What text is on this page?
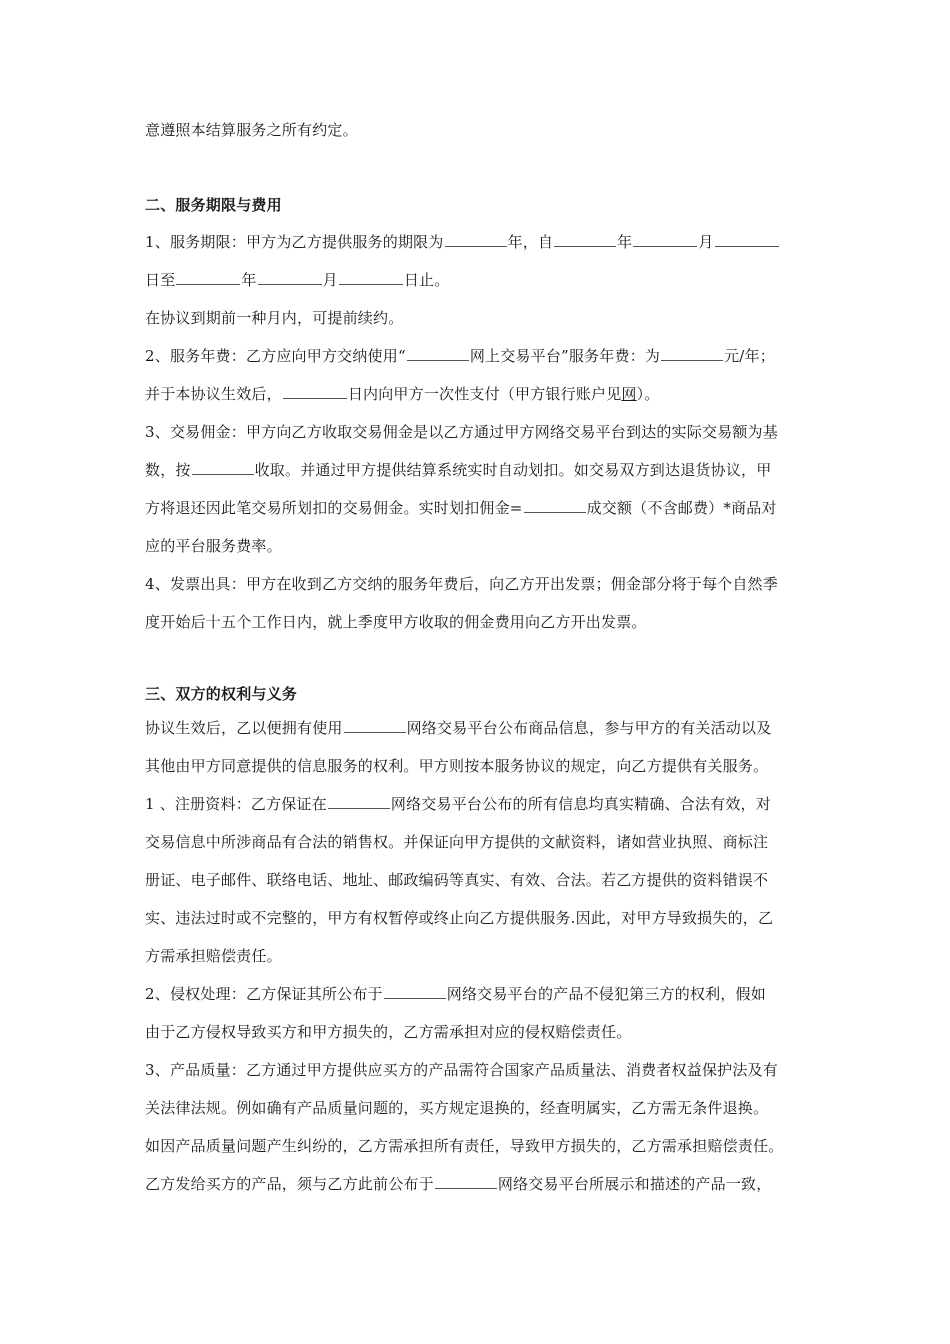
意遵照本结算服务之所有约定。
二、服务期限与费用
1、服务期限：甲方为乙方提供服务的期限为	年，自	年	月
日至	年	月	日止。
在协议到期前一种月内，可提前续约。
2、服务年费：乙方应向甲方交纳使用“	网上交易平台”服务年费：为	元/年；
并于本协议生效后，	日内向甲方一次性支付（甲方银行账户见网）。
3、交易佣金：甲方向乙方收取交易佣金是以乙方通过甲方网络交易平台到达的实际交易额为基
数，按	收取。并通过甲方提供结算系统实时自动划扣。如交易双方到达退货协议，甲
方将退还因此笔交易所划扣的交易佣金。实时划扣佣金=	成交额（不含邮费）*商品对
应的平台服务费率。
4、发票出具：甲方在收到乙方交纳的服务年费后，向乙方开出发票；佣金部分将于每个自然季
度开始后十五个工作日内，就上季度甲方收取的佣金费用向乙方开出发票。
三、双方的权利与义务
协议生效后，乙以便拥有使用	网络交易平台公布商品信息，参与甲方的有关活动以及
其他由甲方同意提供的信息服务的权利。甲方则按本服务协议的规定，向乙方提供有关服务。
1 、注册资料：乙方保证在	网络交易平台公布的所有信息均真实精确、合法有效，对
交易信息中所涉商品有合法的销售权。并保证向甲方提供的文献资料，诸如营业执照、商标注
册证、电子邮件、联络电话、地址、邮政编码等真实、有效、合法。若乙方提供的资料错误不
实、违法过时或不完整的，甲方有权暂停或终止向乙方提供服务.因此，对甲方导致损失的，乙
方需承担赔偿责任。
2、侵权处理：乙方保证其所公布于	网络交易平台的产品不侵犯第三方的权利，假如
由于乙方侵权导致买方和甲方损失的，乙方需承担对应的侵权赔偿责任。
3、产品质量：乙方通过甲方提供应买方的产品需符合国家产品质量法、消费者权益保护法及有
关法律法规。例如确有产品质量问题的，买方规定退换的，经查明属实，乙方需无条件退换。
如因产品质量问题产生纠纷的，乙方需承担所有责任，导致甲方损失的，乙方需承担赔偿责任。
乙方发给买方的产品，须与乙方此前公布于	网络交易平台所展示和描述的产品一致，
